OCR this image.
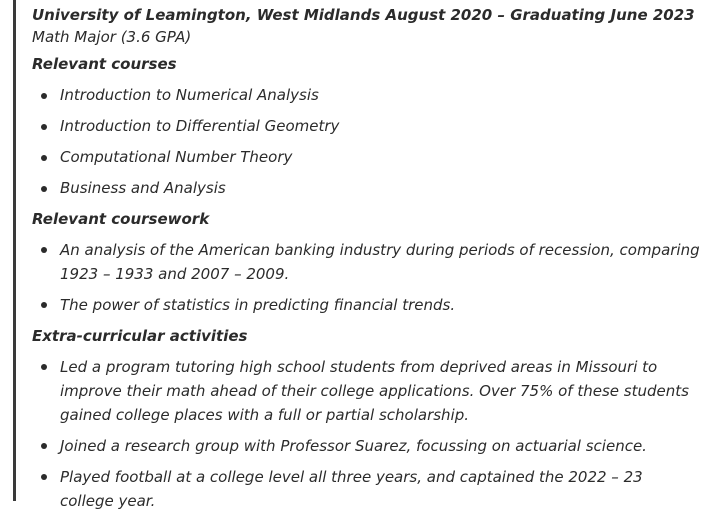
University of Leamington, West Midlands August 2020 – Graduating June 2023

Math Major (3.6 GPA)

Relevant courses

Introduction to Numerical Analysis
Introduction to Differential Geometry
Computational Number Theory
Business and Analysis

Relevant coursework

An analysis of the American banking industry during periods of recession, comparing 1923 – 1933 and 2007 – 2009.
The power of statistics in predicting financial trends.

Extra-curricular activities

Led a program tutoring high school students from deprived areas in Missouri to improve their math ahead of their college applications. Over 75% of these students gained college places with a full or partial scholarship.
Joined a research group with Professor Suarez, focussing on actuarial science.
Played football at a college level all three years, and captained the 2022 – 23 college year.
